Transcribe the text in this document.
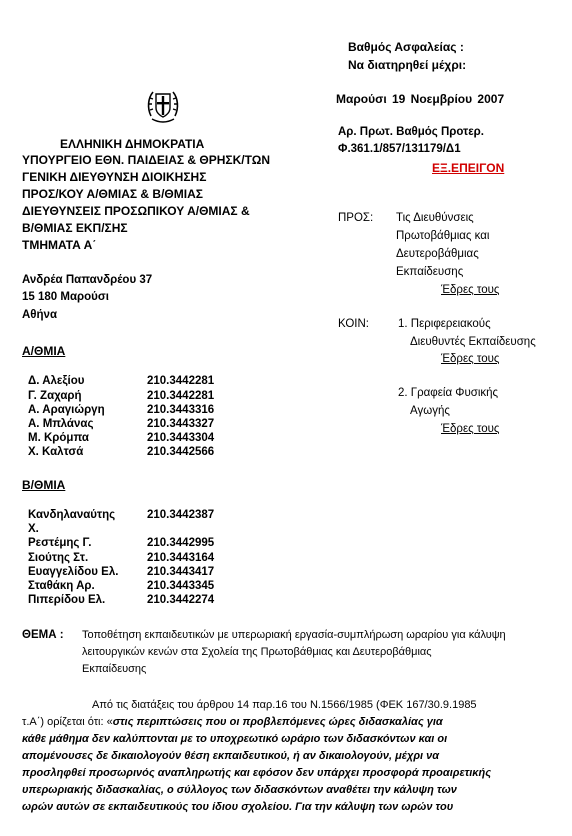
Βαθμός Ασφαλείας :
Να διατηρηθεί μέχρι:
Μαρούσι 19 Νοεμβρίου 2007
Αρ. Πρωτ. Βαθμός Προτερ.
Φ.361.1/857/131179/Δ1
ΕΞ.ΕΠΕΙΓΟΝ
ΕΛΛΗΝΙΚΗ ΔΗΜΟΚΡΑΤΙΑ
ΥΠΟΥΡΓΕΙΟ ΕΘΝ. ΠΑΙΔΕΙΑΣ & ΘΡΗΣΚ/ΤΩΝ
ΓΕΝΙΚΗ ΔΙΕΥΘΥΝΣΗ ΔΙΟΙΚΗΣΗΣ
ΠΡΟΣ/ΚΟΥ Α/ΘΜΙΑΣ & Β/ΘΜΙΑΣ
ΔΙΕΥΘΥΝΣΕΙΣ ΠΡΟΣΩΠΙΚΟΥ Α/ΘΜΙΑΣ &
Β/ΘΜΙΑΣ ΕΚΠ/ΣΗΣ
ΤΜΗΜΑΤΑ Α΄
Ανδρέα Παπανδρέου 37
15 180 Μαρούσι
Αθήνα
ΠΡΟΣ: Τις Διευθύνσεις
Πρωτοβάθμιας και
Δευτεροβάθμιας
Εκπαίδευσης
Έδρες τους
ΚΟΙΝ:	1. Περιφερειακούς
Διευθυντές Εκπαίδευσης
Έδρες τους
2. Γραφεία Φυσικής
Αγωγής
Έδρες τους
Α/ΘΜΙΑ
Δ. Αλεξίου	210.3442281
Γ. Ζαχαρή	210.3442281
Α. Αραγιώργη	210.3443316
Α. Μπλάνας	210.3443327
Μ. Κρόμπα	210.3443304
Χ. Καλτσά	210.3442566
Β/ΘΜΙΑ
Κανδηλαναύτης	210.3442387
Χ.
Ρεστέμης Γ.	210.3442995
Σιούτης Στ.	210.3443164
Ευαγγελίδου Ελ. 210.3443417
Σταθάκη Αρ.	210.3443345
Πιπερίδου Ελ.	210.3442274
ΘΕΜΑ : Τοποθέτηση εκπαιδευτικών με υπερωριακή εργασία-συμπλήρωση ωραρίου για κάλυψη
λειτουργικών κενών στα Σχολεία της Πρωτοβάθμιας και Δευτεροβάθμιας
Εκπαίδευσης
Από τις διατάξεις του άρθρου 14 παρ.16 του Ν.1566/1985 (ΦΕΚ 167/30.9.1985
τ.Α΄) ορίζεται ότι: «στις περιπτώσεις που οι προβλεπόμενες ώρες διδασκαλίας για
κάθε μάθημα δεν καλύπτονται με το υποχρεωτικό ωράριο των διδασκόντων και οι
απομένουσες δε δικαιολογούν θέση εκπαιδευτικού, ή αν δικαιολογούν, μέχρι να
προσληφθεί προσωρινός αναπληρωτής και εφόσον δεν υπάρχει προσφορά προαιρετικής
υπερωριακής διδασκαλίας, ο σύλλογος των διδασκόντων αναθέτει την κάλυψη των
ωρών αυτών σε εκπαιδευτικούς του ίδιου σχολείου. Για την κάλυψη των ωρών του
